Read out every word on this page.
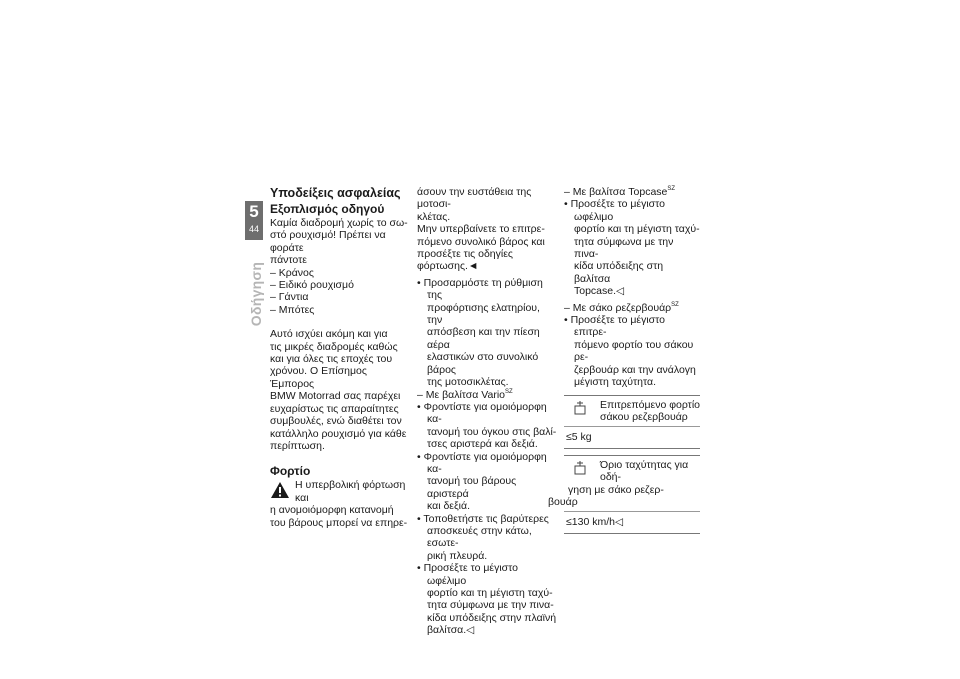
5
44
Οδήγηση
Υποδείξεις ασφαλείας
Εξοπλισμός οδηγού

Καμία διαδρομή χωρίς το σω-

στό ρουχισμό! Πρέπει να φοράτε

πάντοτε

– Κράνος

– Ειδικό ρουχισμό

– Γάντια

– Μπότες

Αυτό ισχύει ακόμη και για

τις μικρές διαδρομές καθώς

και για όλες τις εποχές του

χρόνου. Ο Επίσημος Έμπορος

BMW Motorrad σας παρέχει

ευχαρίστως τις απαραίτητες

συμβουλές, ενώ διαθέτει τον

κατάλληλο ρουχισμό για κάθε

περίπτωση.

Φορτίο

Η υπερβολική φόρτωση και

η ανομοιόμορφη κατανομή

του βάρους μπορεί να επηρε-

άσουν την ευστάθεια της μοτοσι-

κλέτας.

Μην υπερβαίνετε το επιτρε-

πόμενο συνολικό βάρος και

προσέξτε τις οδηγίες φόρτωσης.◄

• Προσαρμόστε τη ρύθμιση της

προφόρτισης ελατηρίου, την

απόσβεση και την πίεση αέρα

ελαστικών στο συνολικό βάρος

της μοτοσικλέτας.

– Με βαλίτσα Vario$^{SZ}$

• Φροντίστε για ομοιόμορφη κα-

τανομή του όγκου στις βαλί-

τσες αριστερά και δεξιά.

• Φροντίστε για ομοιόμορφη κα-

τανομή του βάρους αριστερά

και δεξιά.

• Τοποθετήστε τις βαρύτερες

αποσκευές στην κάτω, εσωτε-

ρική πλευρά.

• Προσέξτε το μέγιστο ωφέλιμο

φορτίο και τη μέγιστη ταχύ-

τητα σύμφωνα με την πινα-

κίδα υπόδειξης στην πλαϊνή

βαλίτσα.◁

– Με βαλίτσα Topcase$^{SZ}$

• Προσέξτε το μέγιστο ωφέλιμο

φορτίο και τη μέγιστη ταχύ-

τητα σύμφωνα με την πινα-

κίδα υπόδειξης στη βαλίτσα

Topcase.◁

– Με σάκο ρεζερβουάρ$^{SZ}$

• Προσέξτε το μέγιστο επιτρε-

πόμενο φορτίο του σάκου ρε-

ζερβουάρ και την ανάλογη

μέγιστη ταχύτητα.

Επιτρεπόμενο φορτίο

σάκου ρεζερβουάρ

≤5 kg

Όριο ταχύτητας για οδή-

γηση με σάκο ρεζερ-

βουάρ

≤130 km/h◁
